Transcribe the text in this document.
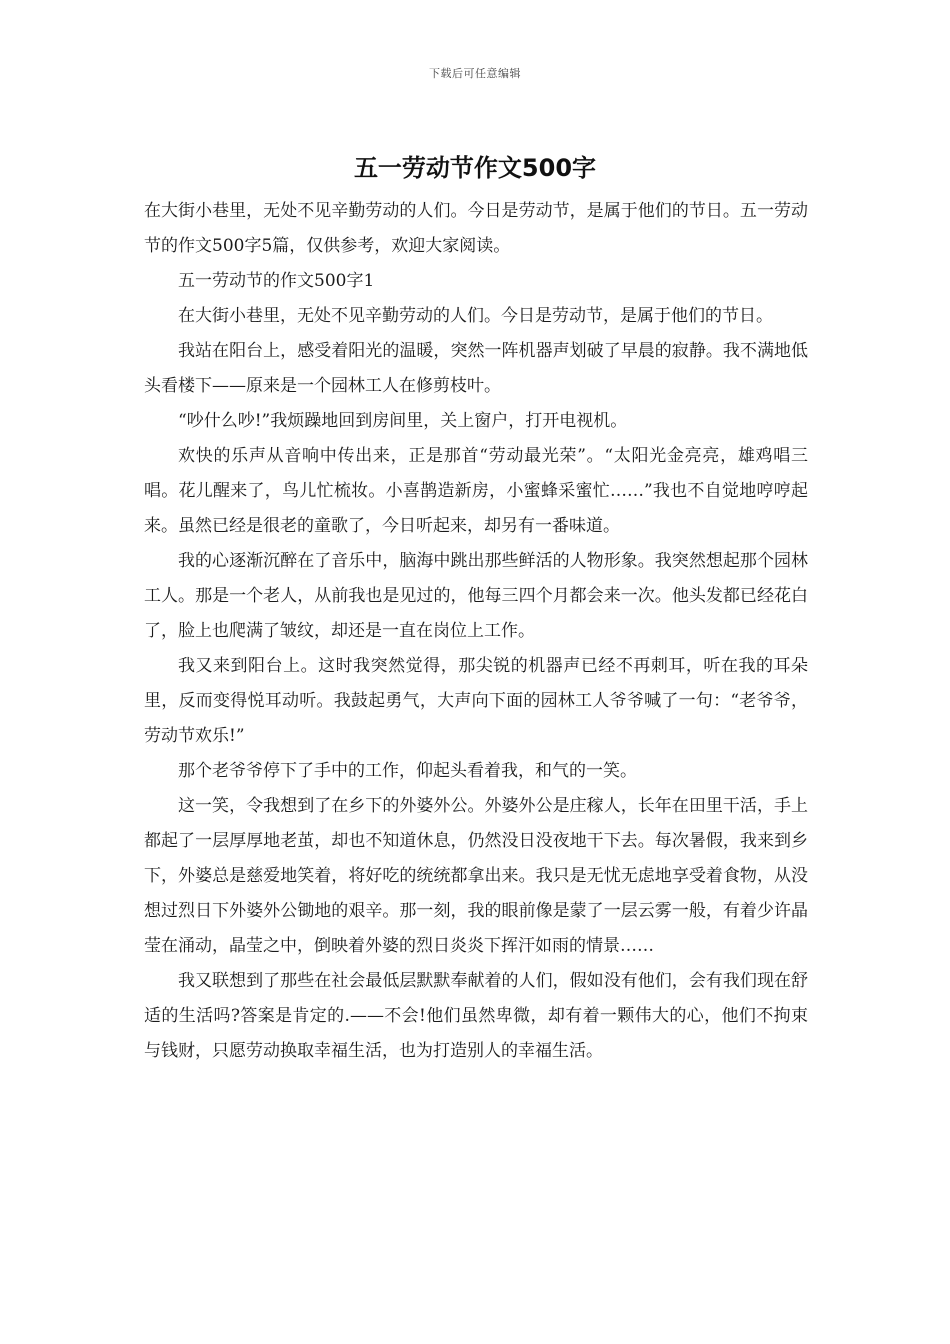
下载后可任意编辑
五一劳动节作文500字

在大街小巷里，无处不见辛勤劳动的人们。今日是劳动节，是属于他们的节日。五一劳动节的作文500字5篇，仅供参考，欢迎大家阅读。

五一劳动节的作文500字1

在大街小巷里，无处不见辛勤劳动的人们。今日是劳动节，是属于他们的节日。

我站在阳台上，感受着阳光的温暖，突然一阵机器声划破了早晨的寂静。我不满地低头看楼下——原来是一个园林工人在修剪枝叶。

“吵什么吵!”我烦躁地回到房间里，关上窗户，打开电视机。

欢快的乐声从音响中传出来，正是那首“劳动最光荣”。“太阳光金亮亮，雄鸡唱三唱。花儿醒来了，鸟儿忙梳妆。小喜鹊造新房，小蜜蜂采蜜忙……”我也不自觉地哼哼起来。虽然已经是很老的童歌了，今日听起来，却另有一番味道。

我的心逐渐沉醉在了音乐中，脑海中跳出那些鲜活的人物形象。我突然想起那个园林工人。那是一个老人，从前我也是见过的，他每三四个月都会来一次。他头发都已经花白了，脸上也爬满了皱纹，却还是一直在岗位上工作。

我又来到阳台上。这时我突然觉得，那尖锐的机器声已经不再刺耳，听在我的耳朵里，反而变得悦耳动听。我鼓起勇气，大声向下面的园林工人爷爷喊了一句：“老爷爷，劳动节欢乐!”

那个老爷爷停下了手中的工作，仰起头看着我，和气的一笑。

这一笑，令我想到了在乡下的外婆外公。外婆外公是庄稼人，长年在田里干活，手上都起了一层厚厚地老茧，却也不知道休息，仍然没日没夜地干下去。每次暑假，我来到乡下，外婆总是慈爱地笑着，将好吃的统统都拿出来。我只是无忧无虑地享受着食物，从没想过烈日下外婆外公锄地的艰辛。那一刻，我的眼前像是蒙了一层云雾一般，有着少许晶莹在涌动，晶莹之中，倒映着外婆的烈日炎炎下挥汗如雨的情景……

我又联想到了那些在社会最低层默默奉献着的人们，假如没有他们，会有我们现在舒适的生活吗?答案是肯定的.——不会!他们虽然卑微，却有着一颗伟大的心，他们不拘束与钱财，只愿劳动换取幸福生活，也为打造别人的幸福生活。
